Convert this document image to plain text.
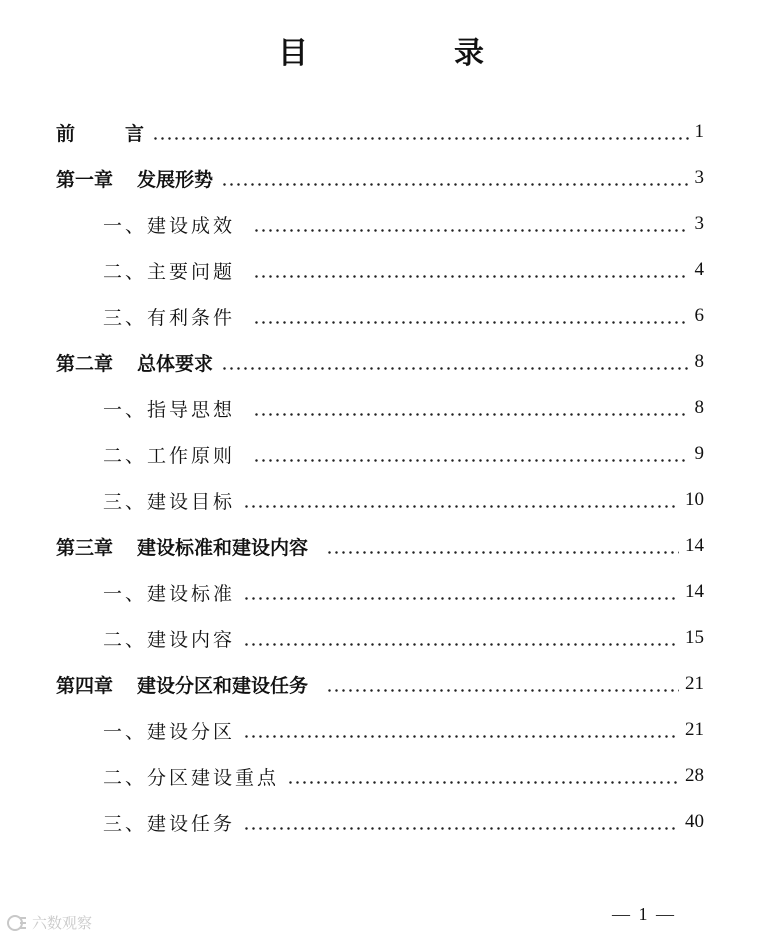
目　录
前	言	1
第一章 发展形势	3
一、建设成效	3
二、主要问题	4
三、有利条件	6
第二章 总体要求	8
一、指导思想	8
二、工作原则	9
三、建设目标	10
第三章 建设标准和建设内容	14
一、建设标准	14
二、建设内容	15
第四章 建设分区和建设任务	21
一、建设分区	21
二、分区建设重点	28
三、建设任务	40
— 1 —
六数观察
